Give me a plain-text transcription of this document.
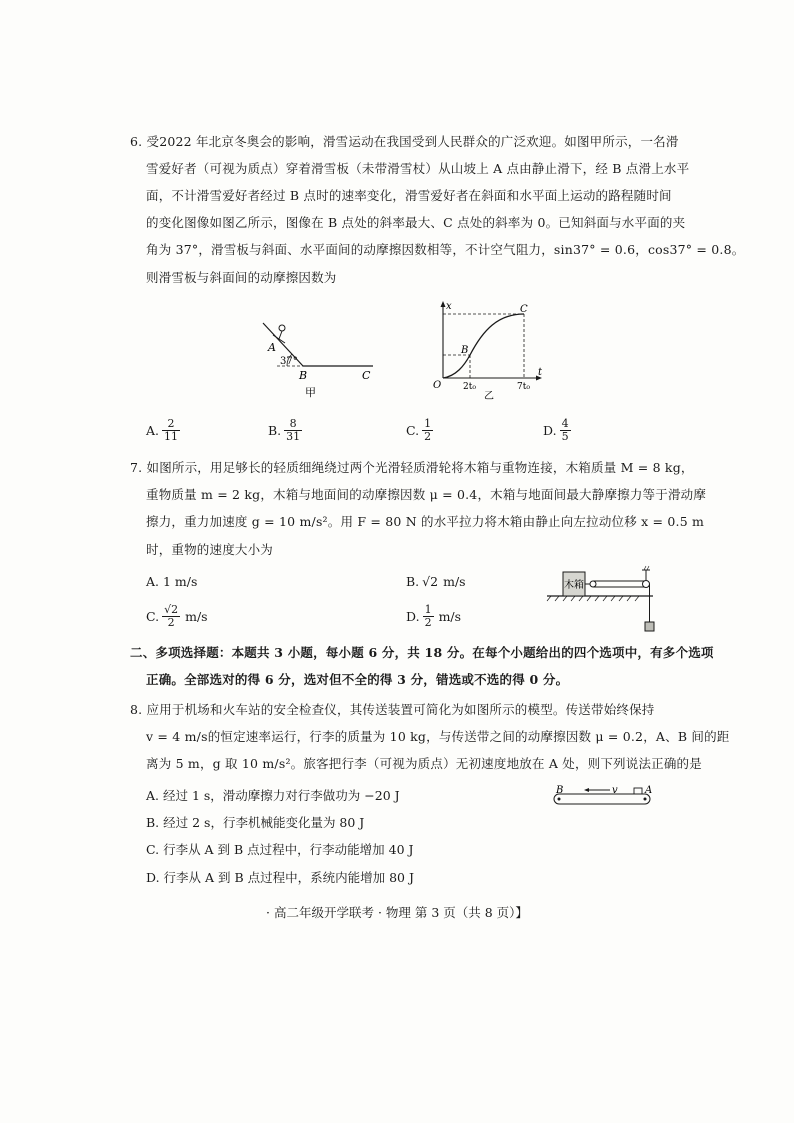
6. 受2022 年北京冬奥会的影响，滑雪运动在我国受到人民群众的广泛欢迎。如图甲所示，一名滑
雪爱好者（可视为质点）穿着滑雪板（未带滑雪杖）从山坡上 A 点由静止滑下，经 B 点滑上水平
面，不计滑雪爱好者经过 B 点时的速率变化，滑雪爱好者在斜面和水平面上运动的路程随时间
的变化图像如图乙所示，图像在 B 点处的斜率最大、C 点处的斜率为 0。已知斜面与水平面的夹
角为 37°，滑雪板与斜面、水平面间的动摩擦因数相等，不计空气阻力，sin37° = 0.6，cos37° = 0.8。
则滑雪板与斜面间的动摩擦因数为
A
37°
B	C
甲
x
t
O
B
C
2t₀	7t₀
乙
A. $\frac{2}{11}$	B. $\frac{8}{31}$	C. $\frac{1}{2}$	D. $\frac{4}{5}$
7. 如图所示，用足够长的轻质细绳绕过两个光滑轻质滑轮将木箱与重物连接，木箱质量 M = 8 kg，
重物质量 m = 2 kg，木箱与地面间的动摩擦因数 μ = 0.4，木箱与地面间最大静摩擦力等于滑动摩
擦力，重力加速度 g = 10 m/s²。用 F = 80 N 的水平拉力将木箱由静止向左拉动位移 x = 0.5 m
时，重物的速度大小为
A. 1 m/s	B. √2 m/s
C. $\frac{√2}{2} m/s$	D. $\frac{1}{2} m/s$
木箱
二、多项选择题：本题共 3 小题，每小题 6 分，共 18 分。在每个小题给出的四个选项中，有多个选项
正确。全部选对的得 6 分，选对但不全的得 3 分，错选或不选的得 0 分。
8. 应用于机场和火车站的安全检查仪，其传送装置可简化为如图所示的模型。传送带始终保持
v = 4 m/s的恒定速率运行，行李的质量为 10 kg，与传送带之间的动摩擦因数 μ = 0.2，A、B 间的距
离为 5 m，g 取 10 m/s²。旅客把行李（可视为质点）无初速度地放在 A 处，则下列说法正确的是
A. 经过 1 s，滑动摩擦力对行李做功为 −20 J
B. 经过 2 s，行李机械能变化量为 80 J
C. 行李从 A 到 B 点过程中，行李动能增加 40 J
D. 行李从 A 到 B 点过程中，系统内能增加 80 J
B	A
v
· 高二年级开学联考 · 物理 第 3 页（共 8 页）】
